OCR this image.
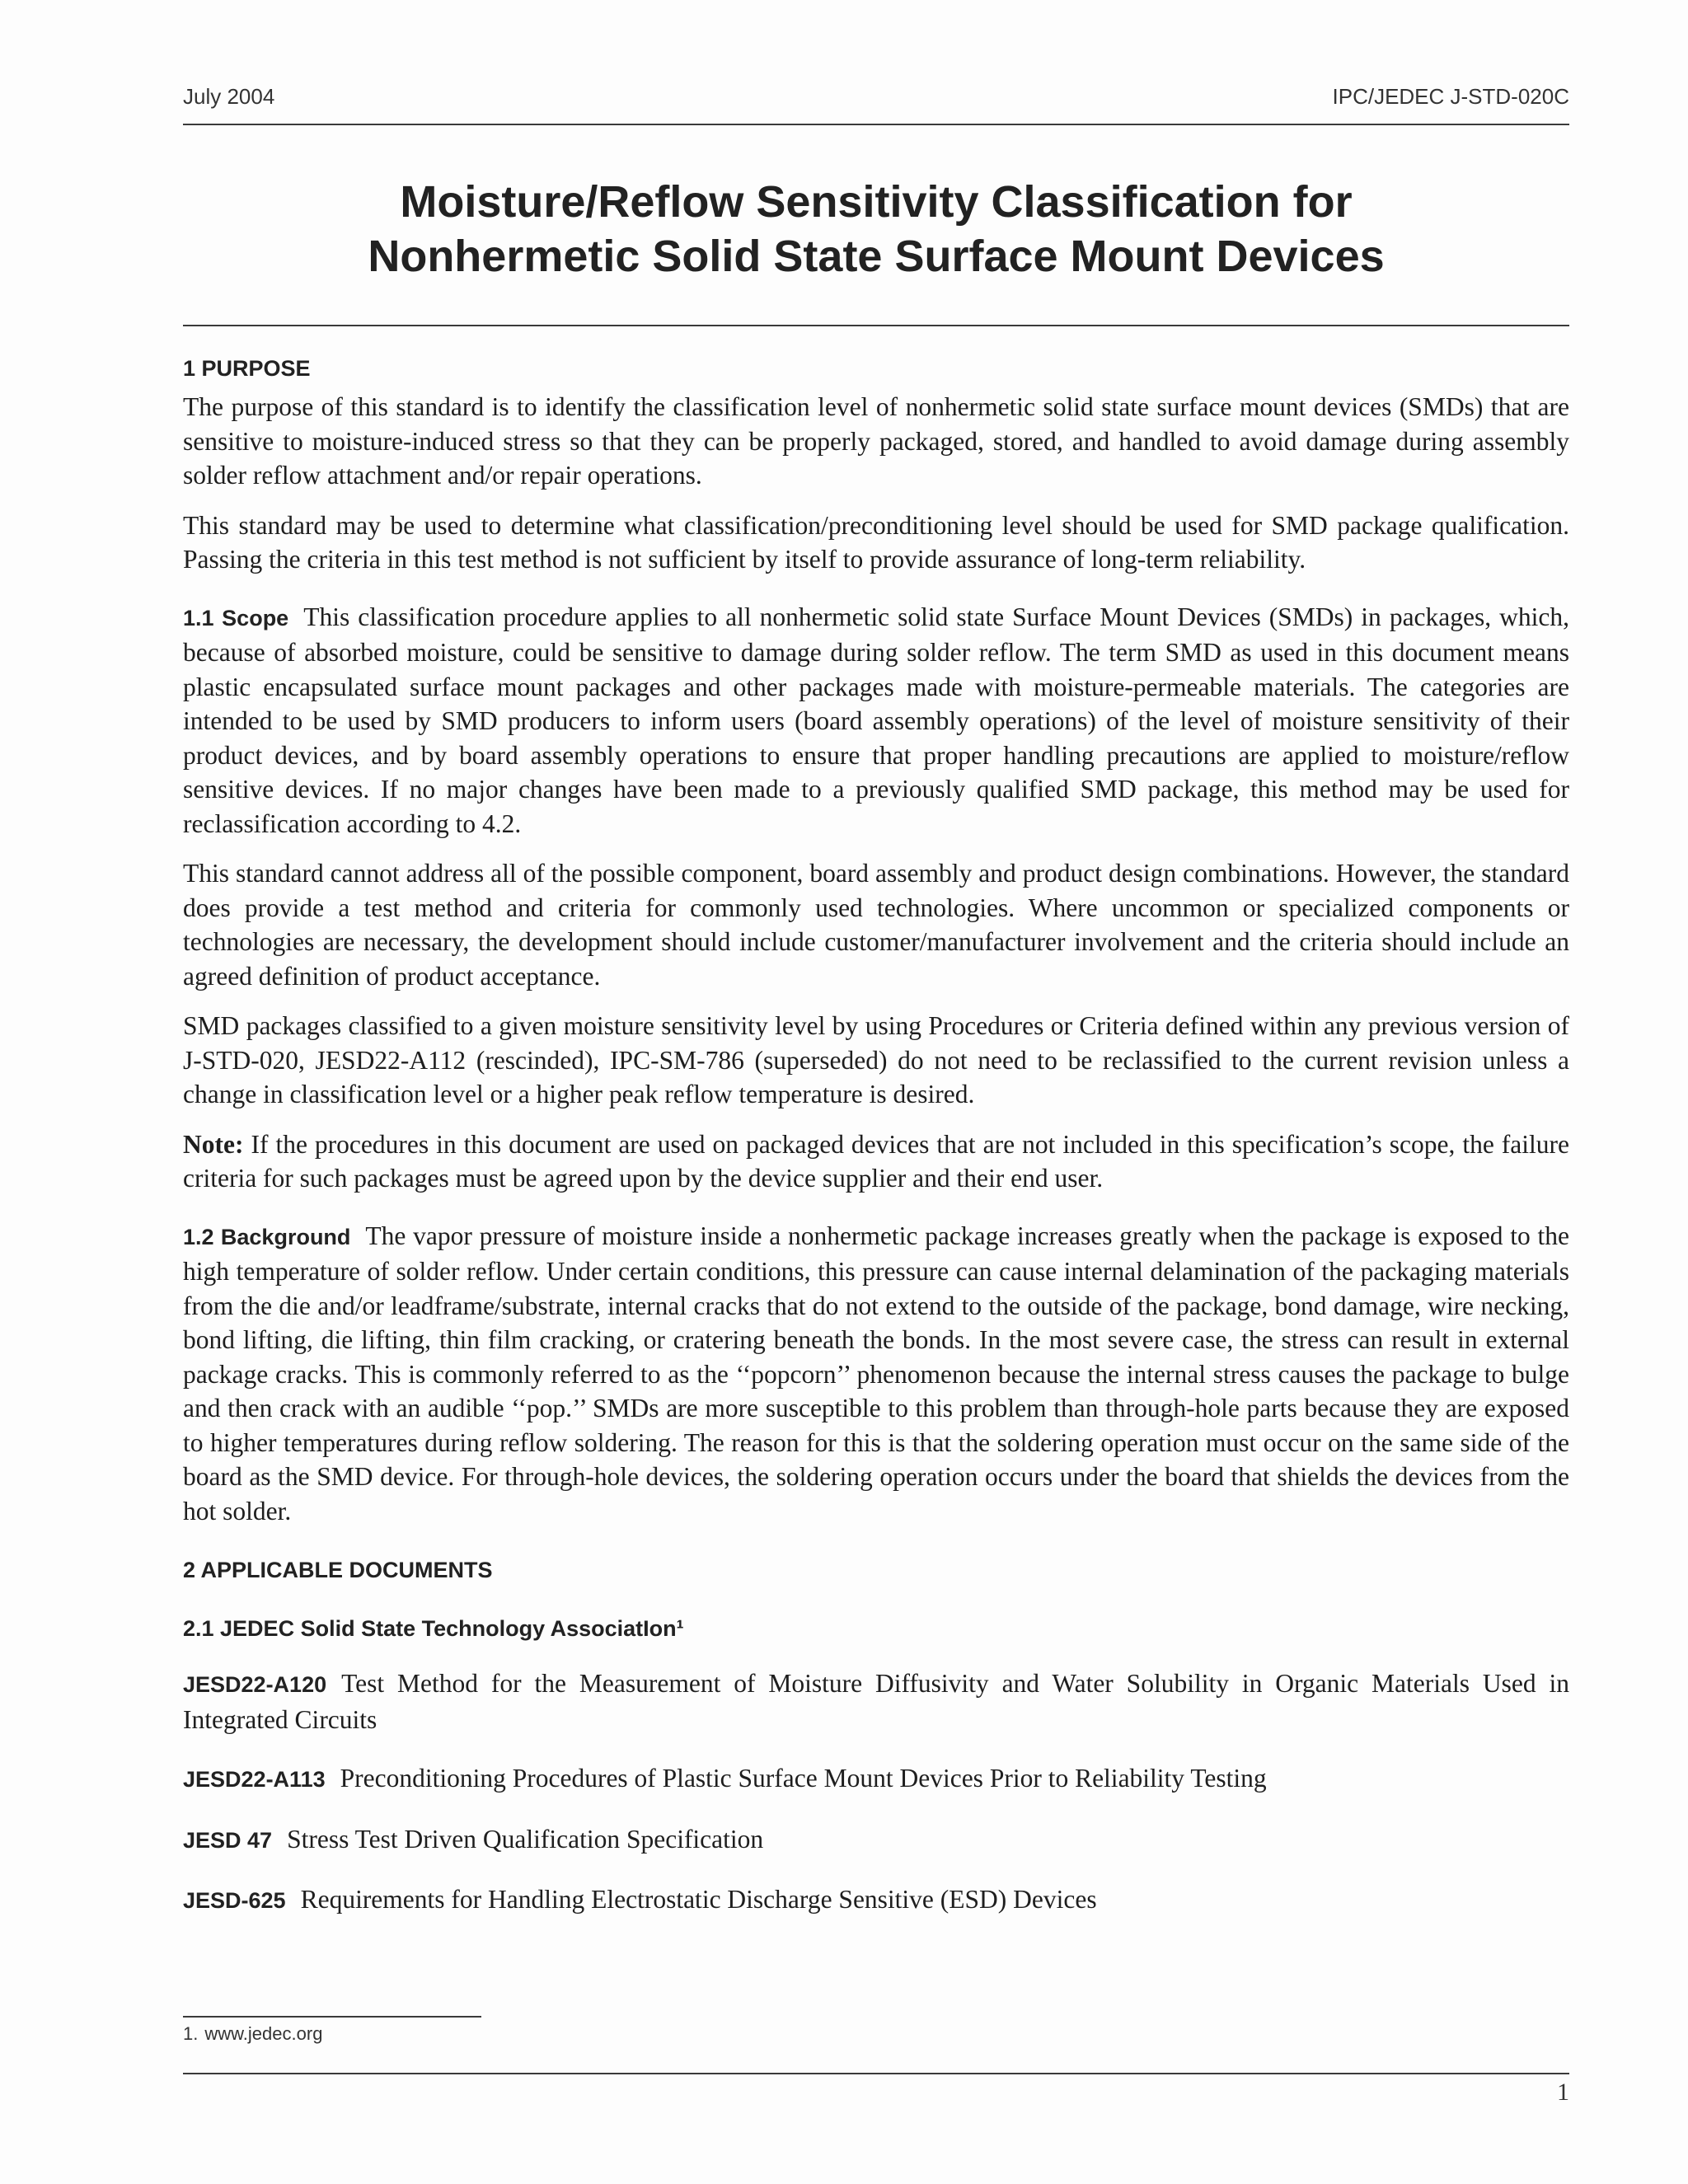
July 2004	IPC/JEDEC J-STD-020C
Moisture/Reflow Sensitivity Classification for
Nonhermetic Solid State Surface Mount Devices
1 PURPOSE

The purpose of this standard is to identify the classification level of nonhermetic solid state surface mount devices (SMDs) that are sensitive to moisture-induced stress so that they can be properly packaged, stored, and handled to avoid damage during assembly solder reflow attachment and/or repair operations.

This standard may be used to determine what classification/preconditioning level should be used for SMD package qualification. Passing the criteria in this test method is not sufficient by itself to provide assurance of long-term reliability.

1.1 Scope This classification procedure applies to all nonhermetic solid state Surface Mount Devices (SMDs) in packages, which, because of absorbed moisture, could be sensitive to damage during solder reflow. The term SMD as used in this document means plastic encapsulated surface mount packages and other packages made with moisture-permeable materials. The categories are intended to be used by SMD producers to inform users (board assembly operations) of the level of moisture sensitivity of their product devices, and by board assembly operations to ensure that proper handling precautions are applied to moisture/reflow sensitive devices. If no major changes have been made to a previously qualified SMD package, this method may be used for reclassification according to 4.2.

This standard cannot address all of the possible component, board assembly and product design combinations. However, the standard does provide a test method and criteria for commonly used technologies. Where uncommon or specialized components or technologies are necessary, the development should include customer/manufacturer involvement and the criteria should include an agreed definition of product acceptance.

SMD packages classified to a given moisture sensitivity level by using Procedures or Criteria defined within any previous version of J-STD-020, JESD22-A112 (rescinded), IPC-SM-786 (superseded) do not need to be reclassified to the current revision unless a change in classification level or a higher peak reflow temperature is desired.

Note: If the procedures in this document are used on packaged devices that are not included in this specification’s scope, the failure criteria for such packages must be agreed upon by the device supplier and their end user.

1.2 Background The vapor pressure of moisture inside a nonhermetic package increases greatly when the package is exposed to the high temperature of solder reflow. Under certain conditions, this pressure can cause internal delamination of the packaging materials from the die and/or leadframe/substrate, internal cracks that do not extend to the outside of the package, bond damage, wire necking, bond lifting, die lifting, thin film cracking, or cratering beneath the bonds. In the most severe case, the stress can result in external package cracks. This is commonly referred to as the ‘‘popcorn’’ phenomenon because the internal stress causes the package to bulge and then crack with an audible ‘‘pop.’’ SMDs are more susceptible to this problem than through-hole parts because they are exposed to higher temperatures during reflow soldering. The reason for this is that the soldering operation must occur on the same side of the board as the SMD device. For through-hole devices, the soldering operation occurs under the board that shields the devices from the hot solder.

2 APPLICABLE DOCUMENTS
2.1 JEDEC Solid State Technology AssociatIon¹

JESD22-A120 Test Method for the Measurement of Moisture Diffusivity and Water Solubility in Organic Materials Used in Integrated Circuits

JESD22-A113 Preconditioning Procedures of Plastic Surface Mount Devices Prior to Reliability Testing

JESD 47 Stress Test Driven Qualification Specification

JESD-625 Requirements for Handling Electrostatic Discharge Sensitive (ESD) Devices

1. www.jedec.org
1
